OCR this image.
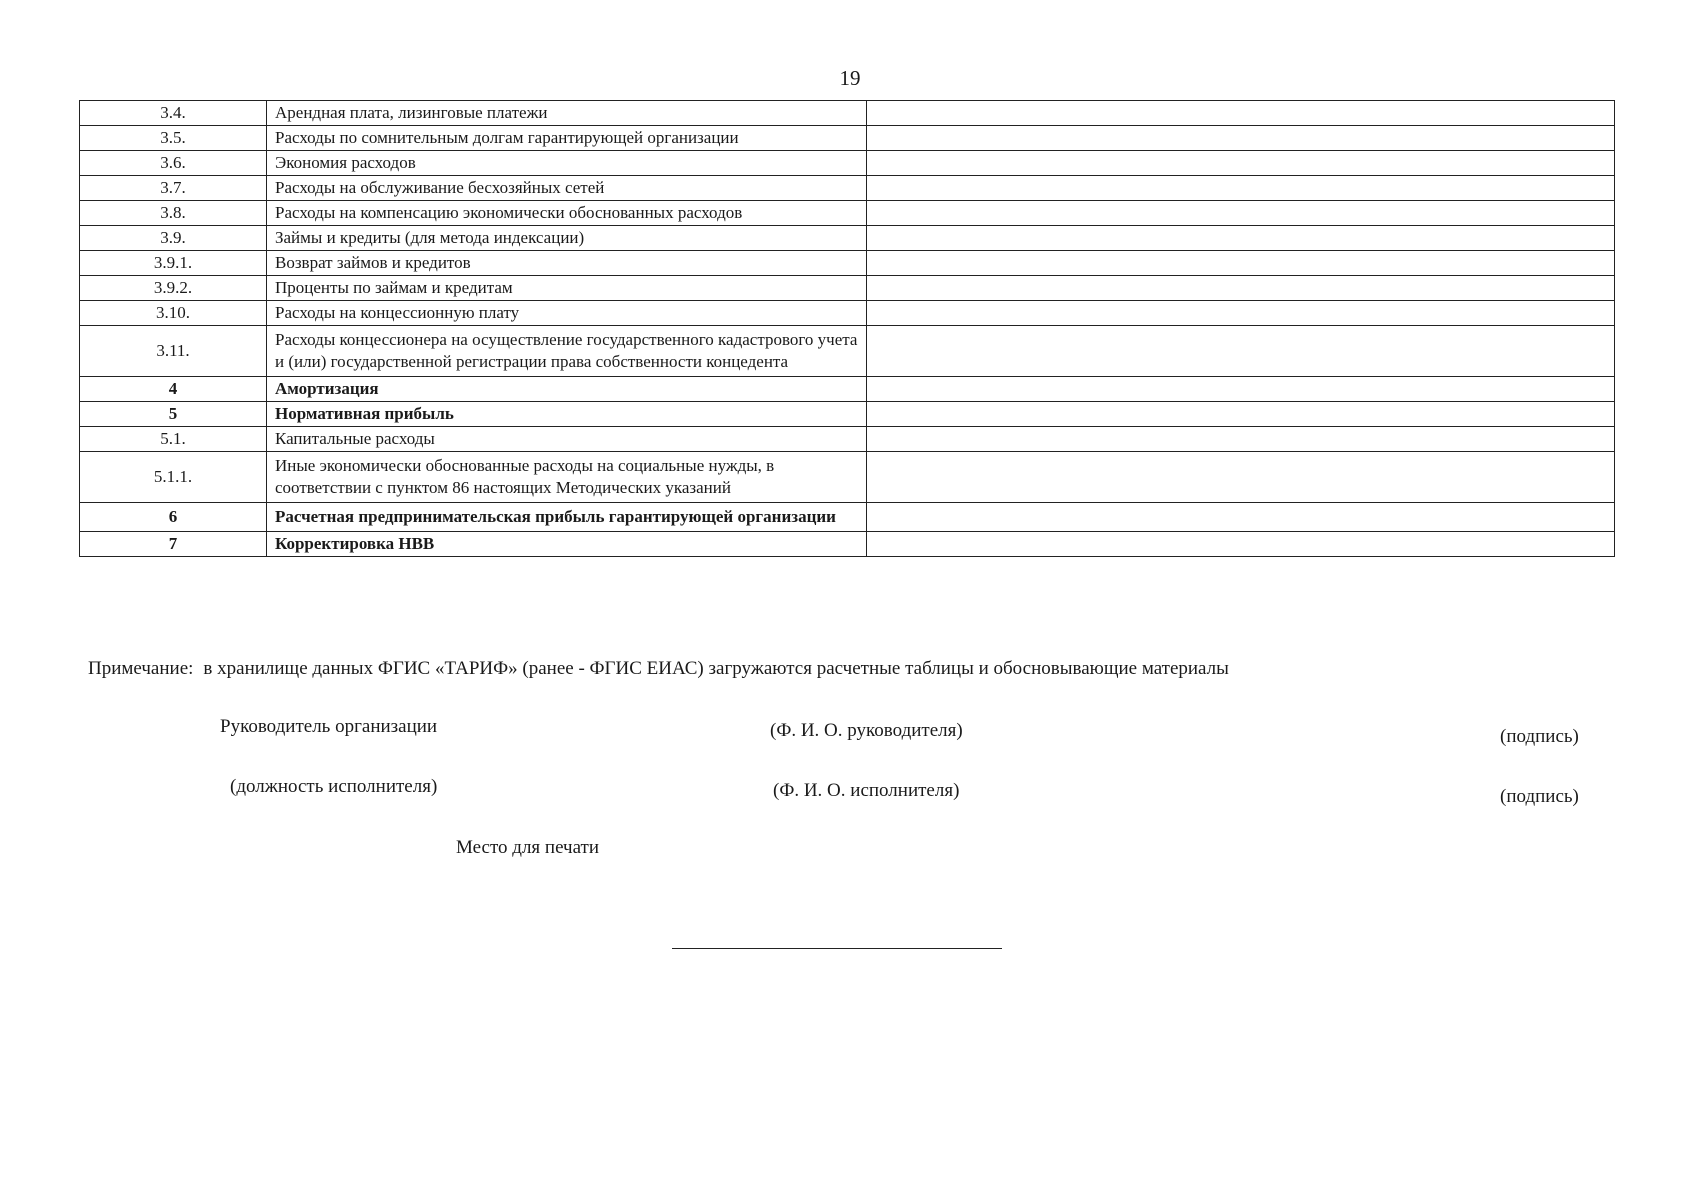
19
3.4.	Арендная плата, лизинговые платежи	
3.5.	Расходы по сомнительным долгам гарантирующей организации	
3.6.	Экономия расходов	
3.7.	Расходы на обслуживание бесхозяйных сетей	
3.8.	Расходы на компенсацию экономически обоснованных расходов	
3.9.	Займы и кредиты (для метода индексации)	
3.9.1.	Возврат займов и кредитов	
3.9.2.	Проценты по займам и кредитам	
3.10.	Расходы на концессионную плату	
3.11.	Расходы концессионера на осуществление государственного кадастрового учета и (или) государственной регистрации права собственности концедента	
4	Амортизация	
5	Нормативная прибыль	
5.1.	Капитальные расходы	
5.1.1.	Иные экономически обоснованные расходы на социальные нужды, в соответствии с пунктом 86 настоящих Методических указаний	
6	Расчетная предпринимательская прибыль гарантирующей организации	
7	Корректировка НВВ	
Примечание: в хранилище данных ФГИС «ТАРИФ» (ранее - ФГИС ЕИАС) загружаются расчетные таблицы и обосновывающие материалы
Руководитель организации	(Ф. И. О. руководителя)	(подпись)
(должность исполнителя)	(Ф. И. О. исполнителя)	(подпись)
Место для печати
